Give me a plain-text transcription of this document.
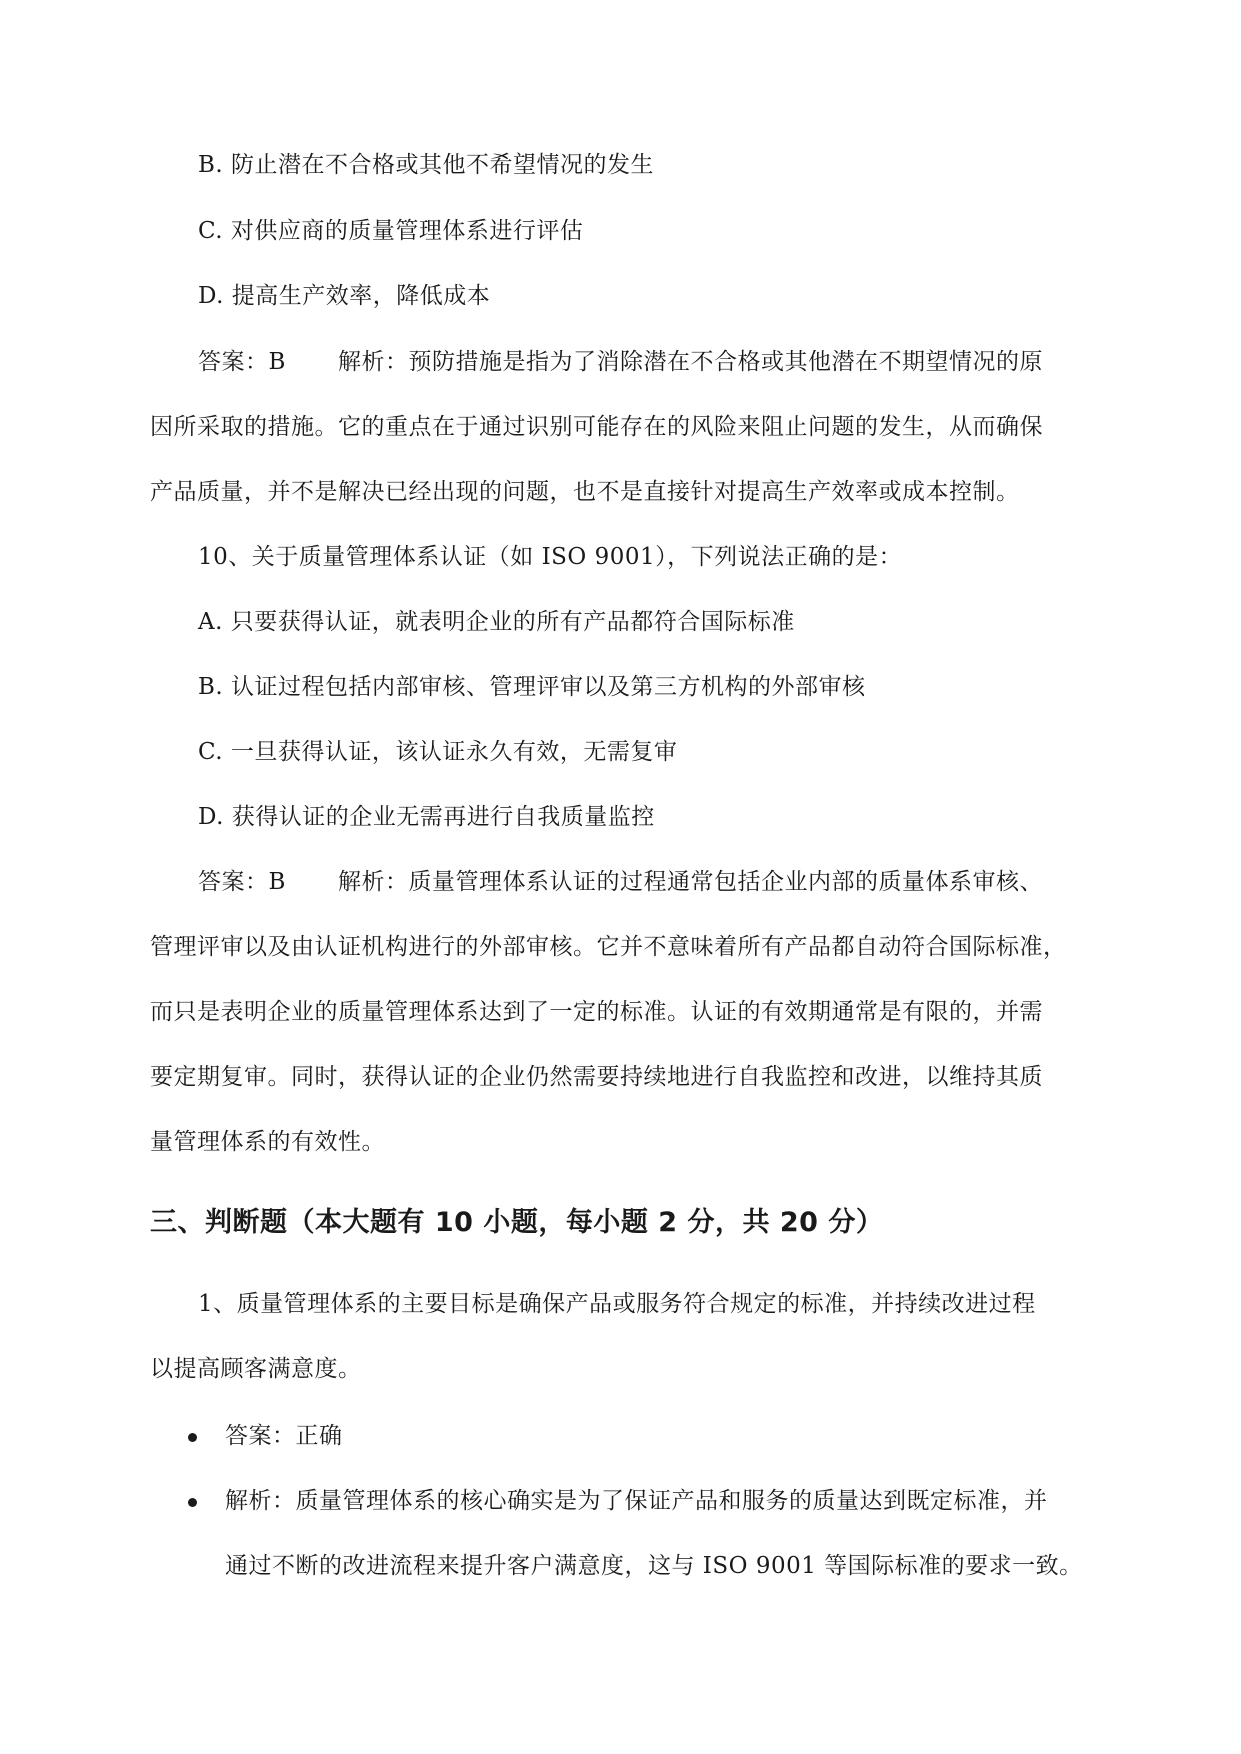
B. 防止潜在不合格或其他不希望情况的发生
C. 对供应商的质量管理体系进行评估
D. 提高生产效率，降低成本
答案：B 解析：预防措施是指为了消除潜在不合格或其他潜在不期望情况的原
因所采取的措施。它的重点在于通过识别可能存在的风险来阻止问题的发生，从而确保
产品质量，并不是解决已经出现的问题，也不是直接针对提高生产效率或成本控制。
10、关于质量管理体系认证（如 ISO 9001），下列说法正确的是：
A. 只要获得认证，就表明企业的所有产品都符合国际标准
B. 认证过程包括内部审核、管理评审以及第三方机构的外部审核
C. 一旦获得认证，该认证永久有效，无需复审
D. 获得认证的企业无需再进行自我质量监控
答案：B 解析：质量管理体系认证的过程通常包括企业内部的质量体系审核、
管理评审以及由认证机构进行的外部审核。它并不意味着所有产品都自动符合国际标准，
而只是表明企业的质量管理体系达到了一定的标准。认证的有效期通常是有限的，并需
要定期复审。同时，获得认证的企业仍然需要持续地进行自我监控和改进，以维持其质
量管理体系的有效性。
三、判断题（本大题有 10 小题，每小题 2 分，共 20 分）
1、质量管理体系的主要目标是确保产品或服务符合规定的标准，并持续改进过程
以提高顾客满意度。
答案：正确
解析：质量管理体系的核心确实是为了保证产品和服务的质量达到既定标准，并
通过不断的改进流程来提升客户满意度，这与 ISO 9001 等国际标准的要求一致。
